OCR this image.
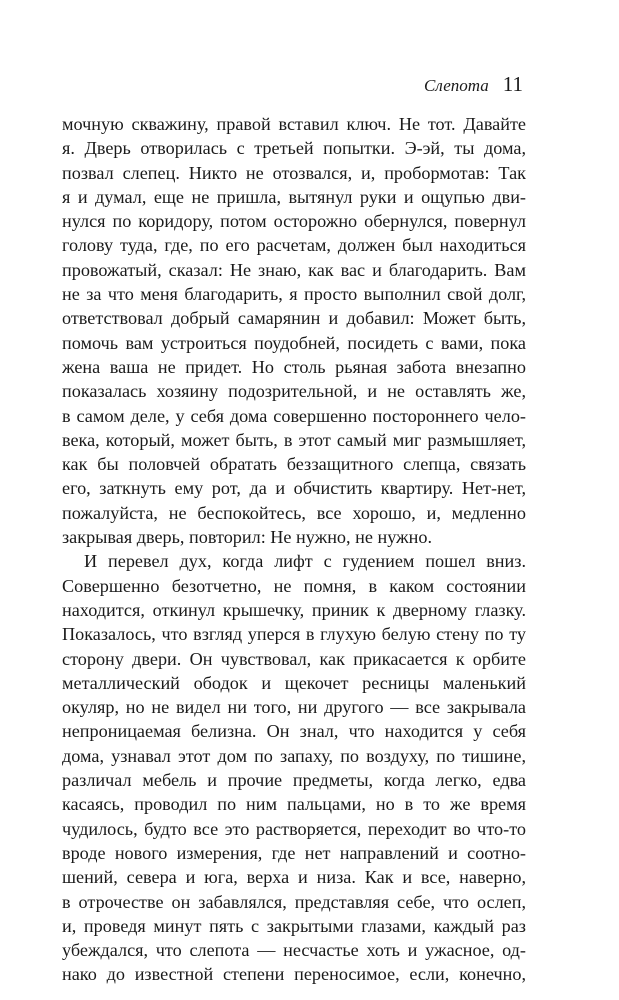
Слепота 11
мочную скважину, правой вставил ключ. Не тот. Давайте
я. Дверь отворилась с третьей попытки. Э-эй, ты дома,
позвал слепец. Никто не отозвался, и, пробормотав: Так
я и думал, еще не пришла, вытянул руки и ощупью дви-
нулся по коридору, потом осторожно обернулся, повернул
голову туда, где, по его расчетам, должен был находиться
провожатый, сказал: Не знаю, как вас и благодарить. Вам
не за что меня благодарить, я просто выполнил свой долг,
ответствовал добрый самарянин и добавил: Может быть,
помочь вам устроиться поудобней, посидеть с вами, пока
жена ваша не придет. Но столь рьяная забота внезапно
показалась хозяину подозрительной, и не оставлять же,
в самом деле, у себя дома совершенно постороннего чело-
века, который, может быть, в этот самый миг размышляет,
как бы половчей обратать беззащитного слепца, связать
его, заткнуть ему рот, да и обчистить квартиру. Нет-нет,
пожалуйста, не беспокойтесь, все хорошо, и, медленно
закрывая дверь, повторил: Не нужно, не нужно.
И перевел дух, когда лифт с гудением пошел вниз.
Совершенно безотчетно, не помня, в каком состоянии
находится, откинул крышечку, приник к дверному глазку.
Показалось, что взгляд уперся в глухую белую стену по ту
сторону двери. Он чувствовал, как прикасается к орбите
металлический ободок и щекочет ресницы маленький
окуляр, но не видел ни того, ни другого — все закрывала
непроницаемая белизна. Он знал, что находится у себя
дома, узнавал этот дом по запаху, по воздуху, по тишине,
различал мебель и прочие предметы, когда легко, едва
касаясь, проводил по ним пальцами, но в то же время
чудилось, будто все это растворяется, переходит во что-то
вроде нового измерения, где нет направлений и соотно-
шений, севера и юга, верха и низа. Как и все, наверно,
в отрочестве он забавлялся, представляя себе, что ослеп,
и, проведя минут пять с закрытыми глазами, каждый раз
убеждался, что слепота — несчастье хоть и ужасное, од-
нако до известной степени переносимое, если, конечно,
